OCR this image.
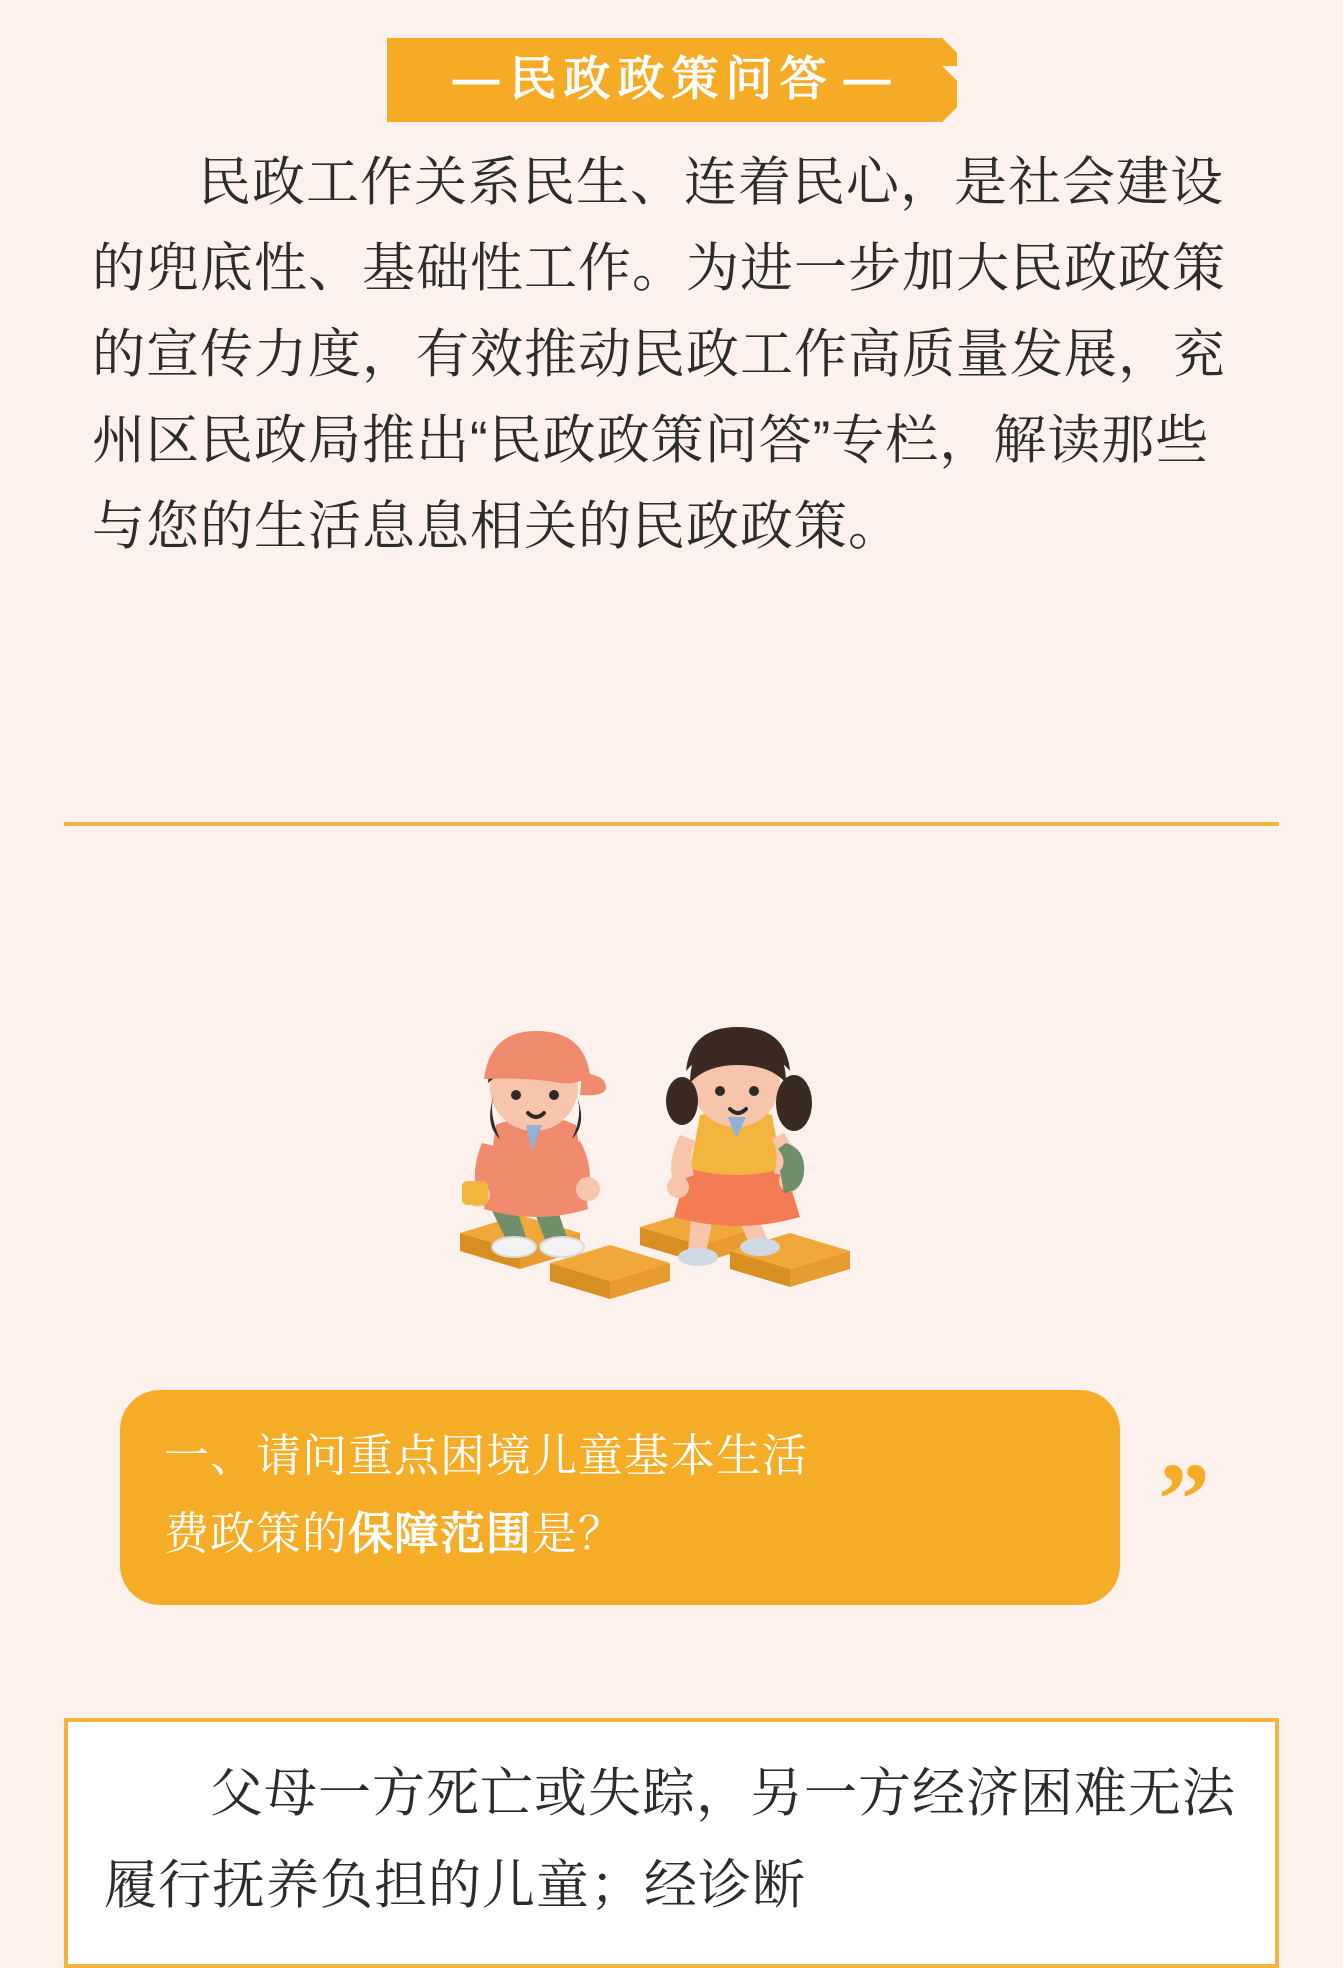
— 民政政策问答 —
民政工作关系民生、连着民心，是社会建设的兜底性、基础性工作。为进一步加大民政政策的宣传力度，有效推动民政工作高质量发展，兖州区民政局推出“民政政策问答”专栏，解读那些与您的生活息息相关的民政政策。
一、请问重点困境儿童基本生活
费政策的保障范围是？	”
父母一方死亡或失踪，另一方经济困难无法履行抚养负担的儿童；经诊断
